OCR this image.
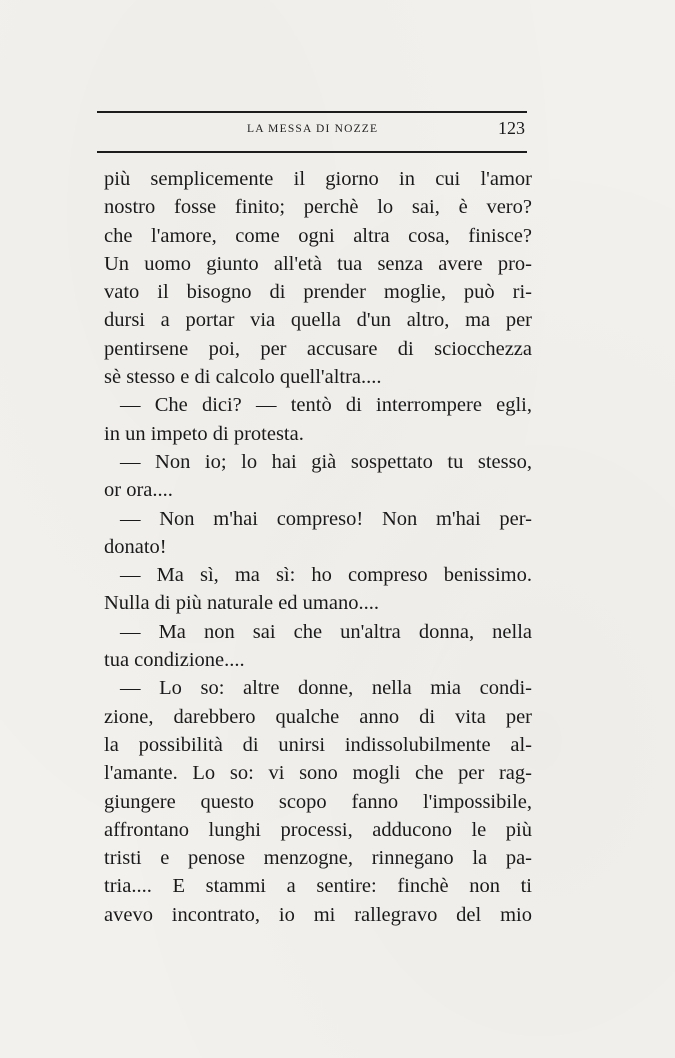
LA MESSA DI NOZZE	123
più semplicemente il giorno in cui l'amor
nostro fosse finito; perchè lo sai, è vero?
che l'amore, come ogni altra cosa, finisce?
Un uomo giunto all'età tua senza avere pro-
vato il bisogno di prender moglie, può ri-
dursi a portar via quella d'un altro, ma per
pentirsene poi, per accusare di sciocchezza
sè stesso e di calcolo quell'altra....
— Che dici? — tentò di interrompere egli,
in un impeto di protesta.
— Non io; lo hai già sospettato tu stesso,
or ora....
— Non m'hai compreso! Non m'hai per-
donato!
— Ma sì, ma sì: ho compreso benissimo.
Nulla di più naturale ed umano....
— Ma non sai che un'altra donna, nella
tua condizione....
— Lo so: altre donne, nella mia condi-
zione, darebbero qualche anno di vita per
la possibilità di unirsi indissolubilmente al-
l'amante. Lo so: vi sono mogli che per rag-
giungere questo scopo fanno l'impossibile,
affrontano lunghi processi, adducono le più
tristi e penose menzogne, rinnegano la pa-
tria.... E stammi a sentire: finchè non ti
avevo incontrato, io mi rallegravo del mio
